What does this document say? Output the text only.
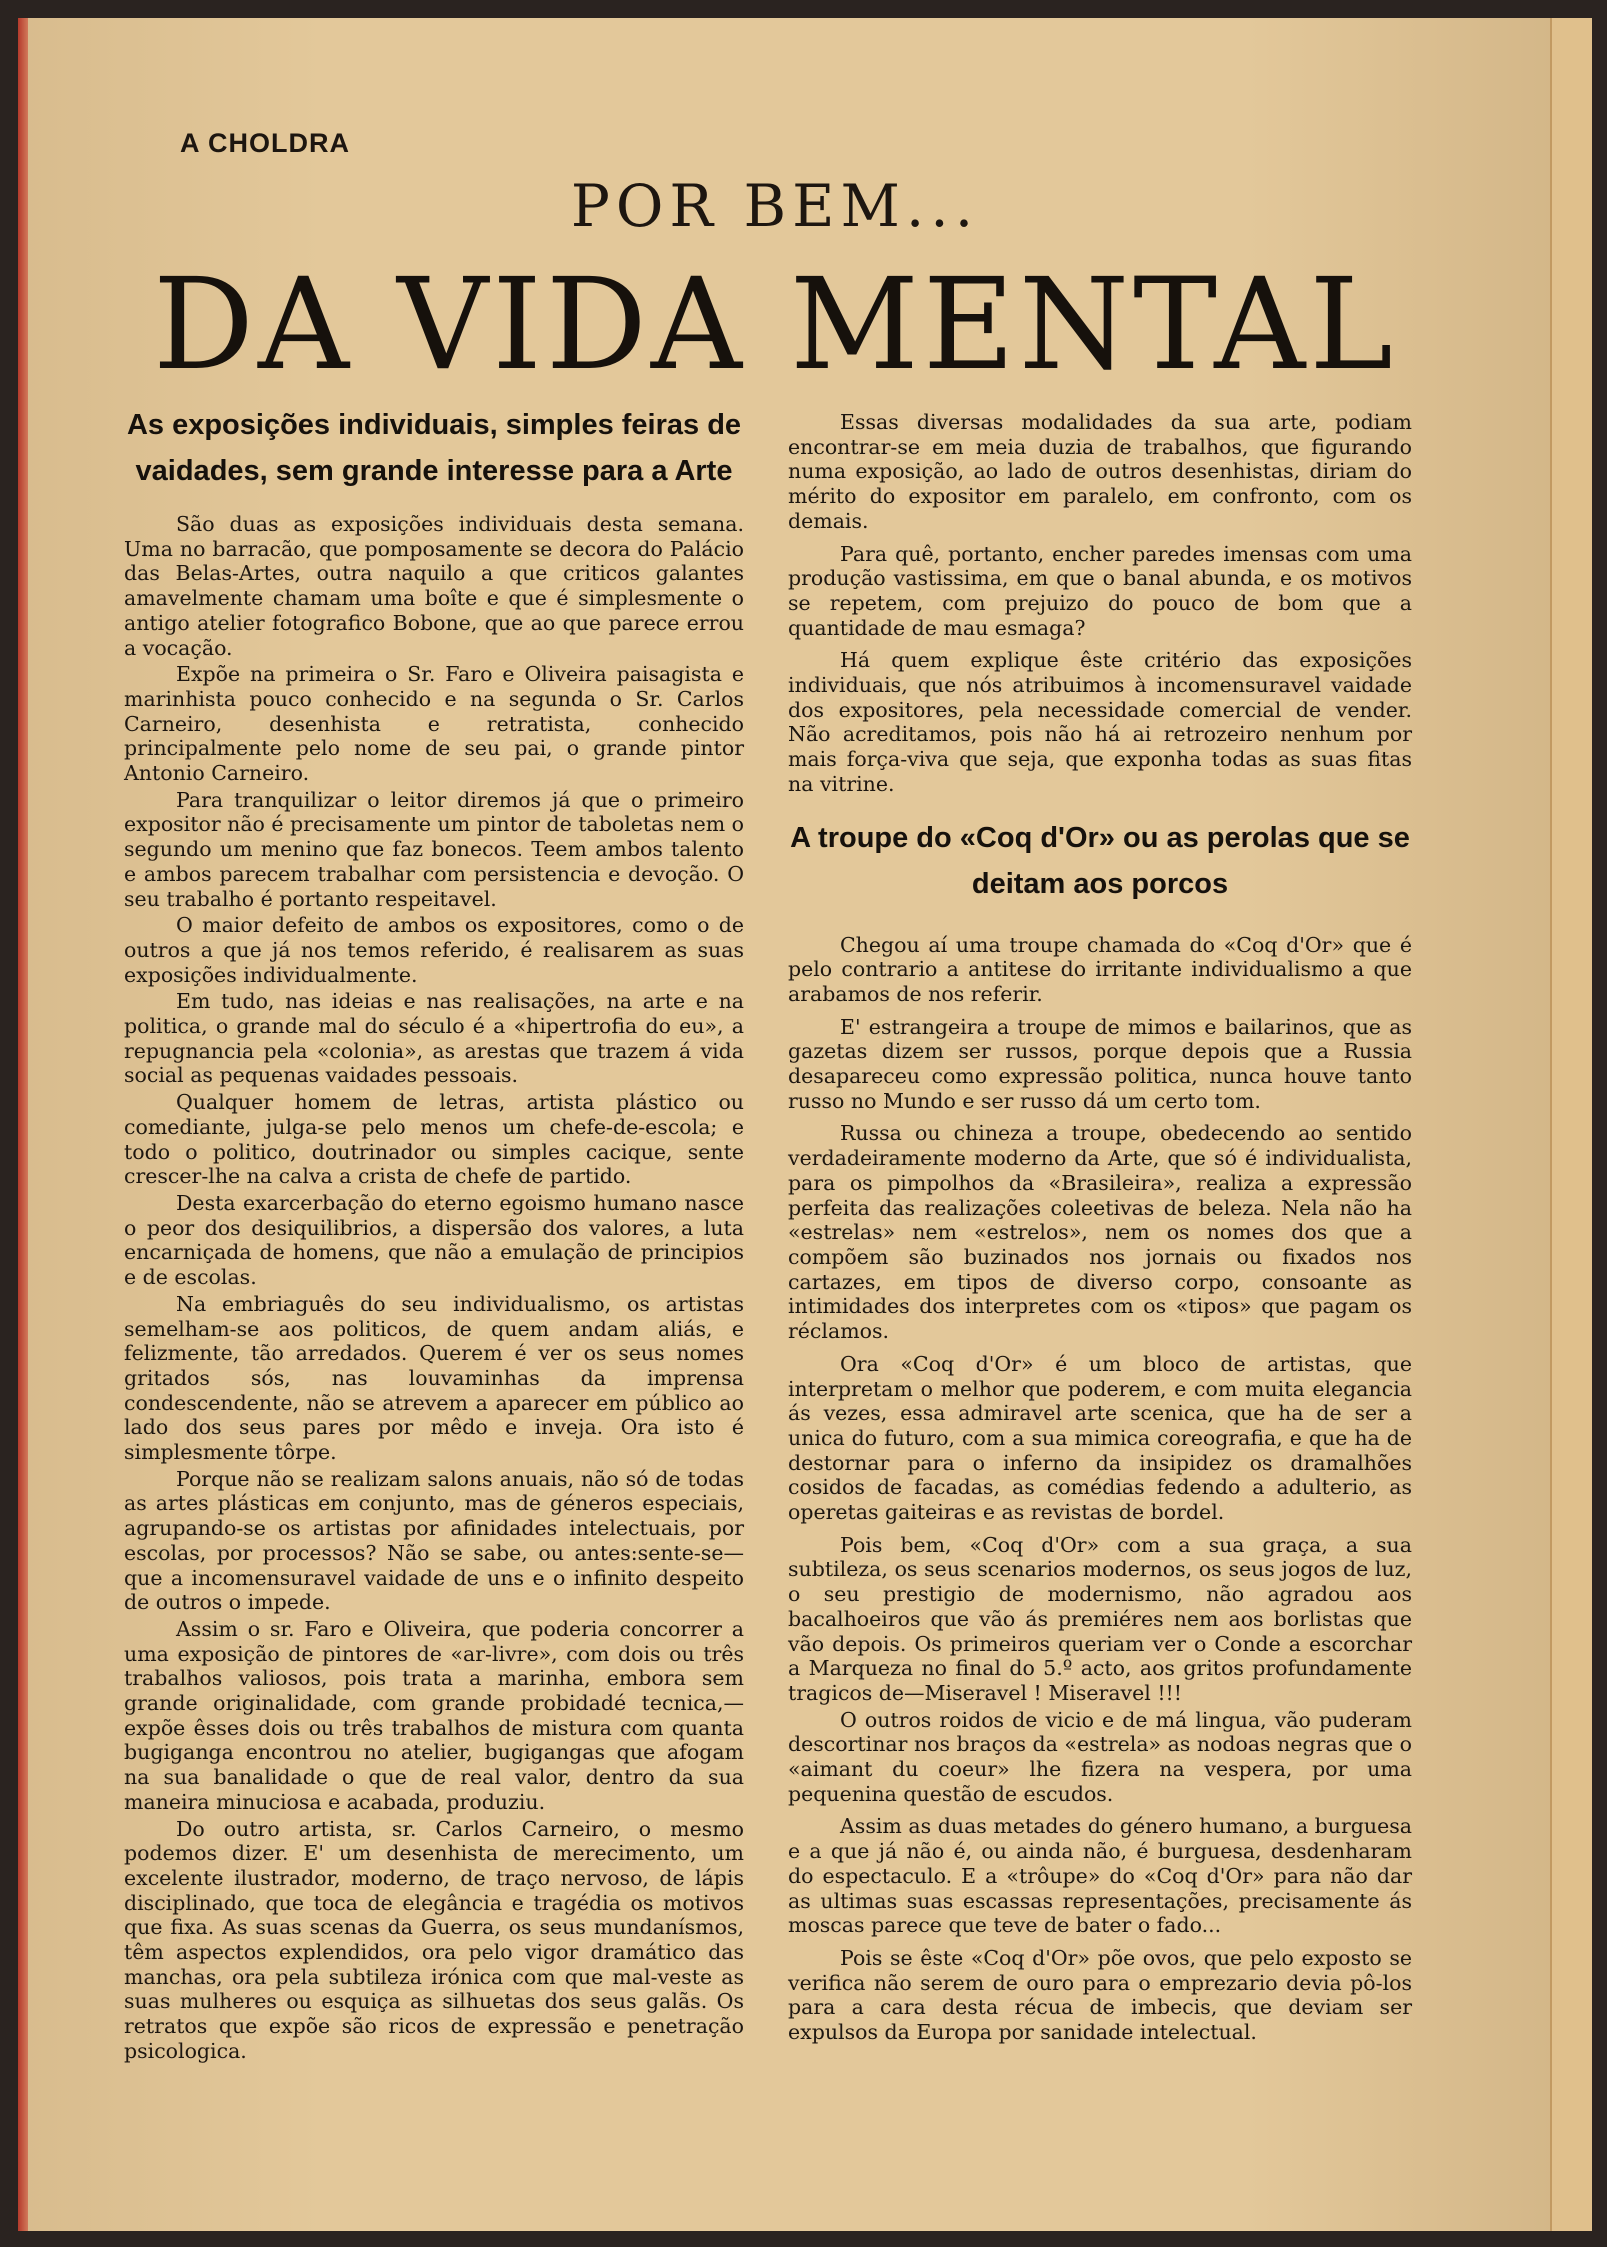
A CHOLDRA
POR BEM...
DA VIDA MENTAL
As exposições individuais, simples feiras de vaidades, sem grande interesse para a Arte

São duas as exposições individuais desta semana. Uma no barracão, que pomposamente se decora do Palácio das Belas-Artes, outra naquilo a que criticos galantes amavelmente chamam uma boîte e que é simplesmente o antigo atelier fotografico Bobone, que ao que parece errou a vocação.

Expõe na primeira o Sr. Faro e Oliveira paisagista e marinhista pouco conhecido e na segunda o Sr. Carlos Carneiro, desenhista e retratista, conhecido principalmente pelo nome de seu pai, o grande pintor Antonio Carneiro.

Para tranquilizar o leitor diremos já que o primeiro expositor não é precisamente um pintor de taboletas nem o segundo um menino que faz bonecos. Teem ambos talento e ambos parecem trabalhar com persistencia e devoção. O seu trabalho é portanto respeitavel.

O maior defeito de ambos os expositores, como o de outros a que já nos temos referido, é realisarem as suas exposições individualmente.

Em tudo, nas ideias e nas realisações, na arte e na politica, o grande mal do século é a «hipertrofia do eu», a repugnancia pela «colonia», as arestas que trazem á vida social as pequenas vaidades pessoais.

Qualquer homem de letras, artista plástico ou comediante, julga-se pelo menos um chefe-de-escola; e todo o politico, doutrinador ou simples cacique, sente crescer-lhe na calva a crista de chefe de partido.

Desta exarcerbação do eterno egoismo humano nasce o peor dos desiquilibrios, a dispersão dos valores, a luta encarniçada de homens, que não a emulação de principios e de escolas.

Na embriaguês do seu individualismo, os artistas semelham-se aos politicos, de quem andam aliás, e felizmente, tão arredados. Querem é ver os seus nomes gritados sós, nas louvaminhas da imprensa condescendente, não se atrevem a aparecer em público ao lado dos seus pares por mêdo e inveja. Ora isto é simplesmente tôrpe.

Porque não se realizam salons anuais, não só de todas as artes plásticas em conjunto, mas de géneros especiais, agrupando-se os artistas por afinidades intelectuais, por escolas, por processos? Não se sabe, ou antes:sente-se— que a incomensuravel vaidade de uns e o infinito despeito de outros o impede.

Assim o sr. Faro e Oliveira, que poderia concorrer a uma exposição de pintores de «ar-livre», com dois ou três trabalhos valiosos, pois trata a marinha, embora sem grande originalidade, com grande probidadé tecnica,—expõe êsses dois ou três trabalhos de mistura com quanta bugiganga encontrou no atelier, bugigangas que afogam na sua banalidade o que de real valor, dentro da sua maneira minuciosa e acabada, produziu.

Do outro artista, sr. Carlos Carneiro, o mesmo podemos dizer. E' um desenhista de merecimento, um excelente ilustrador, moderno, de traço nervoso, de lápis disciplinado, que toca de elegância e tragédia os motivos que fixa. As suas scenas da Guerra, os seus mundanísmos, têm aspectos explendidos, ora pelo vigor dramático das manchas, ora pela subtileza irónica com que mal-veste as suas mulheres ou esquiça as silhuetas dos seus galãs. Os retratos que expõe são ricos de expressão e penetração psicologica.

Essas diversas modalidades da sua arte, podiam encontrar-se em meia duzia de trabalhos, que figurando numa exposição, ao lado de outros desenhistas, diriam do mérito do expositor em paralelo, em confronto, com os demais.

Para quê, portanto, encher paredes imensas com uma produção vastissima, em que o banal abunda, e os motivos se repetem, com prejuizo do pouco de bom que a quantidade de mau esmaga?

Há quem explique êste critério das exposições individuais, que nós atribuimos à incomensuravel vaidade dos expositores, pela necessidade comercial de vender. Não acreditamos, pois não há ai retrozeiro nenhum por mais força-viva que seja, que exponha todas as suas fitas na vitrine.

A troupe do «Coq d'Or» ou as perolas que se deitam aos porcos

Chegou aí uma troupe chamada do «Coq d'Or» que é pelo contrario a antitese do irritante individualismo a que arabamos de nos referir.

E' estrangeira a troupe de mimos e bailarinos, que as gazetas dizem ser russos, porque depois que a Russia desapareceu como expressão politica, nunca houve tanto russo no Mundo e ser russo dá um certo tom.

Russa ou chineza a troupe, obedecendo ao sentido verdadeiramente moderno da Arte, que só é individualista, para os pimpolhos da «Brasileira», realiza a expressão perfeita das realizações coleetivas de beleza. Nela não ha «estrelas» nem «estrelos», nem os nomes dos que a compõem são buzinados nos jornais ou fixados nos cartazes, em tipos de diverso corpo, consoante as intimidades dos interpretes com os «tipos» que pagam os réclamos.

Ora «Coq d'Or» é um bloco de artistas, que interpretam o melhor que poderem, e com muita elegancia ás vezes, essa admiravel arte scenica, que ha de ser a unica do futuro, com a sua mimica coreografia, e que ha de destornar para o inferno da insipidez os dramalhões cosidos de facadas, as comédias fedendo a adulterio, as operetas gaiteiras e as revistas de bordel.

Pois bem, «Coq d'Or» com a sua graça, a sua subtileza, os seus scenarios modernos, os seus jogos de luz, o seu prestigio de modernismo, não agradou aos bacalhoeiros que vão ás premiéres nem aos borlistas que vão depois. Os primeiros queriam ver o Conde a escorchar a Marqueza no final do 5.º acto, aos gritos profundamente tragicos de—Miseravel ! Miseravel !!!

O outros roidos de vicio e de má lingua, vão puderam descortinar nos braços da «estrela» as nodoas negras que o «aimant du coeur» lhe fizera na vespera, por uma pequenina questão de escudos.

Assim as duas metades do género humano, a burguesa e a que já não é, ou ainda não, é burguesa, desdenharam do espectaculo. E a «trôupe» do «Coq d'Or» para não dar as ultimas suas escassas representações, precisamente ás moscas parece que teve de bater o fado...

Pois se êste «Coq d'Or» põe ovos, que pelo exposto se verifica não serem de ouro para o emprezario devia pô-los para a cara desta récua de imbecis, que deviam ser expulsos da Europa por sanidade intelectual.
